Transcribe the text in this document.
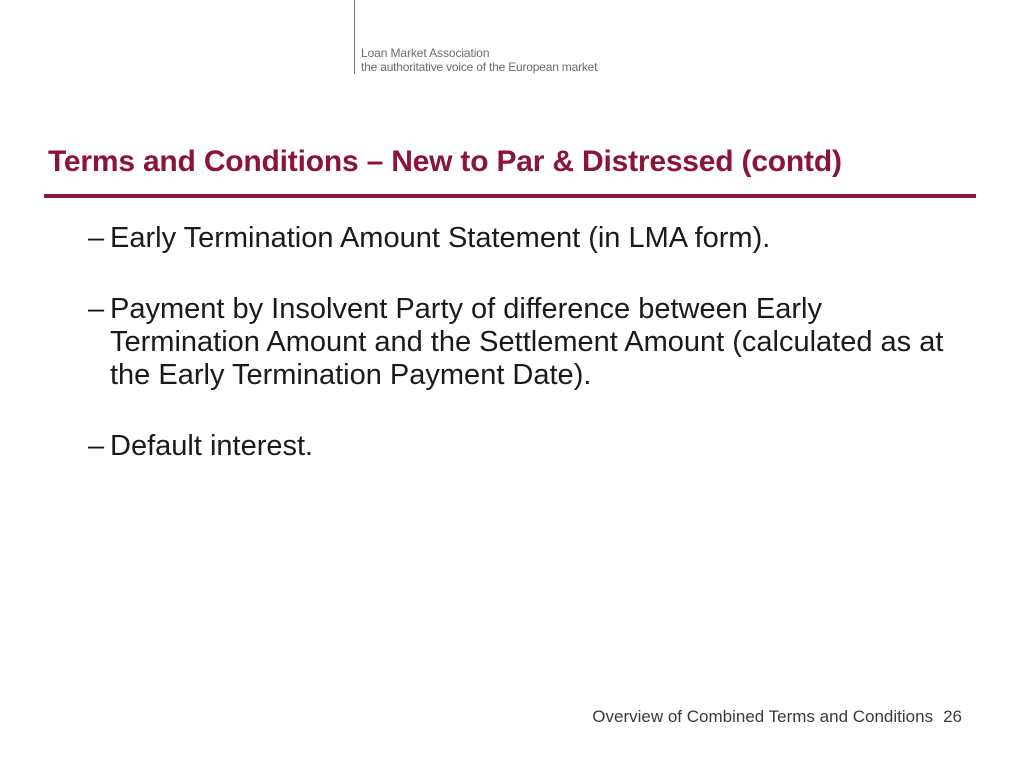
Loan Market Association
the authoritative voice of the European market
Terms and Conditions – New to Par & Distressed (contd)
– Early Termination Amount Statement (in LMA form).
– Payment by Insolvent Party of difference between Early Termination Amount and the Settlement Amount (calculated as at the Early Termination Payment Date).
– Default interest.
Overview of Combined Terms and Conditions 26
